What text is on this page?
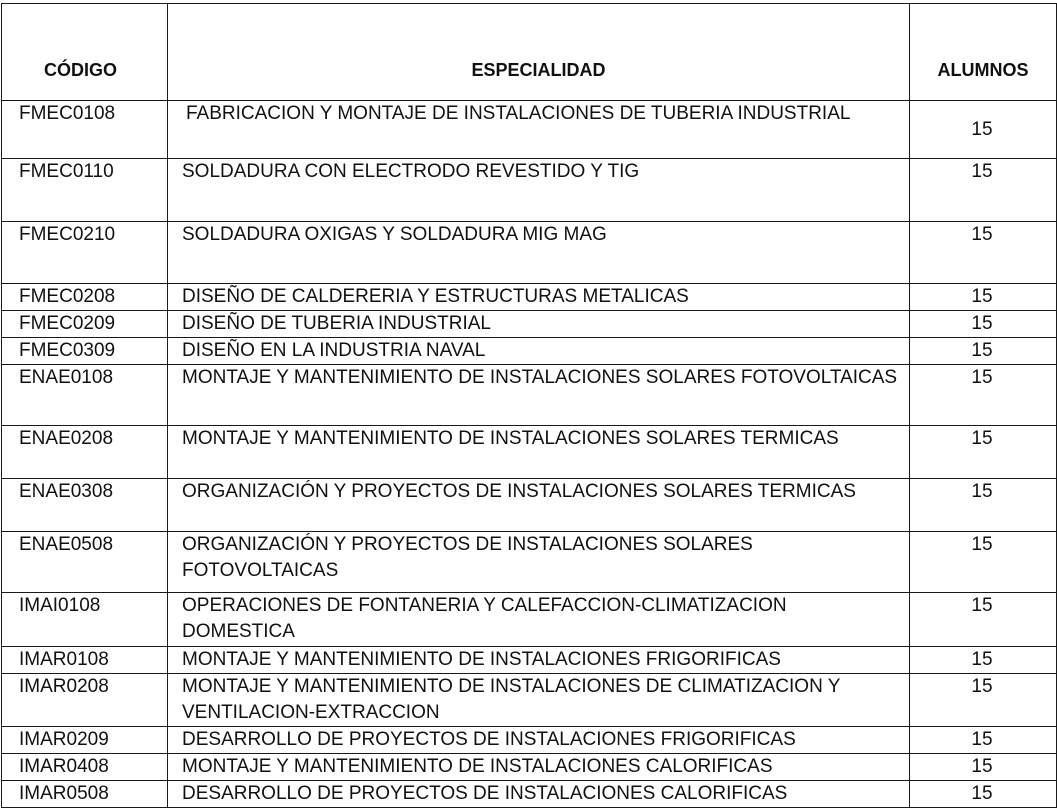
CÓDIGO	ESPECIALIDAD	ALUMNOS
FMEC0108	FABRICACION Y MONTAJE DE INSTALACIONES DE TUBERIA INDUSTRIAL	15
FMEC0110	SOLDADURA CON ELECTRODO REVESTIDO Y TIG	15
FMEC0210	SOLDADURA OXIGAS Y SOLDADURA MIG MAG	15
FMEC0208	DISEÑO DE CALDERERIA Y ESTRUCTURAS METALICAS	15
FMEC0209	DISEÑO DE TUBERIA INDUSTRIAL	15
FMEC0309	DISEÑO EN LA INDUSTRIA NAVAL	15
ENAE0108	MONTAJE Y MANTENIMIENTO DE INSTALACIONES SOLARES FOTOVOLTAICAS	15
ENAE0208	MONTAJE Y MANTENIMIENTO DE INSTALACIONES SOLARES TERMICAS	15
ENAE0308	ORGANIZACIÓN Y PROYECTOS DE INSTALACIONES SOLARES TERMICAS	15
ENAE0508	ORGANIZACIÓN Y PROYECTOS DE INSTALACIONES SOLARES FOTOVOLTAICAS	15
IMAI0108	OPERACIONES DE FONTANERIA Y CALEFACCION-CLIMATIZACION DOMESTICA	15
IMAR0108	MONTAJE Y MANTENIMIENTO DE INSTALACIONES FRIGORIFICAS	15
IMAR0208	MONTAJE Y MANTENIMIENTO DE INSTALACIONES DE CLIMATIZACION Y VENTILACION-EXTRACCION	15
IMAR0209	DESARROLLO DE PROYECTOS DE INSTALACIONES FRIGORIFICAS	15
IMAR0408	MONTAJE Y MANTENIMIENTO DE INSTALACIONES CALORIFICAS	15
IMAR0508	DESARROLLO DE PROYECTOS DE INSTALACIONES CALORIFICAS	15
